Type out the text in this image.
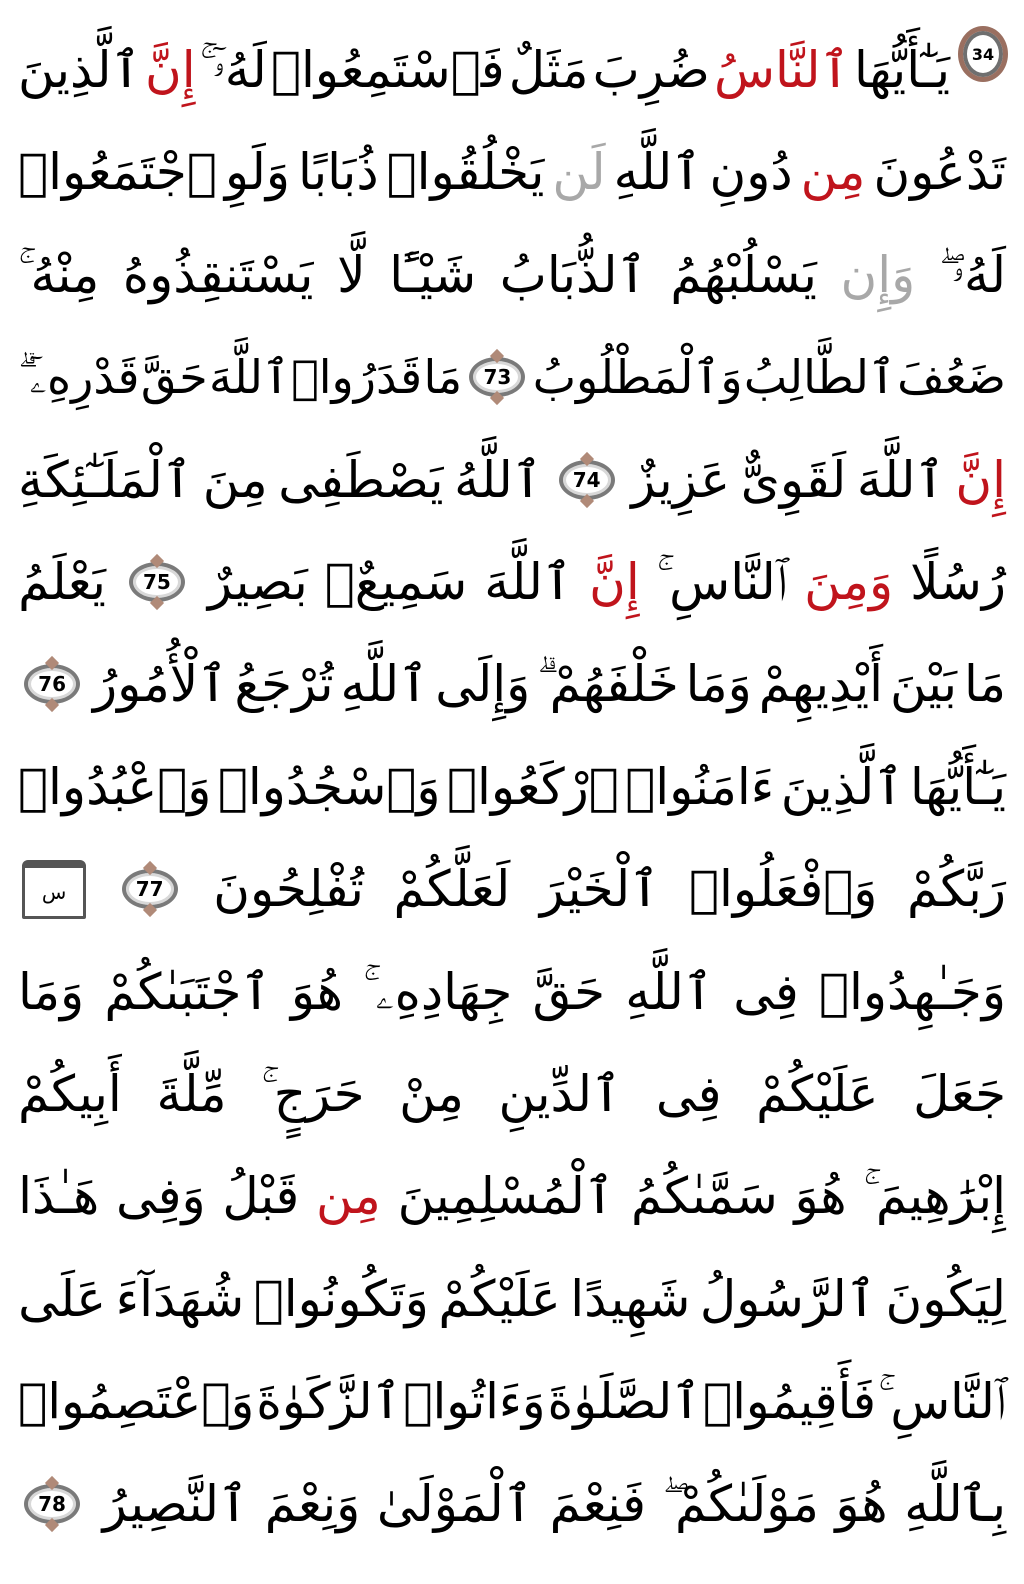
34
يَـٰٓأَيُّهَا
ٱلنَّاسُ
ضُرِبَ
مَثَلٌ
فَٱسْتَمِعُوا۟
لَهُۥٓ ۚ
إِنَّ
ٱلَّذِينَ
تَدْعُونَ
مِن
دُونِ
ٱللَّهِ
لَن
يَخْلُقُوا۟
ذُبَابًا
وَلَوِ
ٱجْتَمَعُوا۟
لَهُۥ ۖ
وَإِن
يَسْلُبْهُمُ
ٱلذُّبَابُ
شَيْـًٔا
لَّا
يَسْتَنقِذُوهُ
مِنْهُ ۚ
ضَعُفَ
ٱلطَّالِبُ
وَٱلْمَطْلُوبُ
73
مَا
قَدَرُوا۟
ٱللَّهَ
حَقَّ
قَدْرِهِۦٓ ۗ
إِنَّ
ٱللَّهَ
لَقَوِىٌّ
عَزِيزٌ
74
ٱللَّهُ
يَصْطَفِى
مِنَ
ٱلْمَلَـٰٓئِكَةِ
رُسُلًا
وَمِنَ
ٱلنَّاسِ ۚ
إِنَّ
ٱللَّهَ
سَمِيعٌۢ
بَصِيرٌ
75
يَعْلَمُ
مَا
بَيْنَ
أَيْدِيهِمْ
وَمَا
خَلْفَهُمْ ۗ
وَإِلَى
ٱللَّهِ
تُرْجَعُ
ٱلْأُمُورُ
76
يَـٰٓأَيُّهَا
ٱلَّذِينَ
ءَامَنُوا۟
ٱرْكَعُوا۟
وَٱسْجُدُوا۟
وَٱعْبُدُوا۟
رَبَّكُمْ
وَٱفْعَلُوا۟
ٱلْخَيْرَ
لَعَلَّكُمْ
تُفْلِحُونَ
77
س
وَجَـٰهِدُوا۟
فِى
ٱللَّهِ
حَقَّ
جِهَادِهِۦ ۚ
هُوَ
ٱجْتَبَىٰكُمْ
وَمَا
جَعَلَ
عَلَيْكُمْ
فِى
ٱلدِّينِ
مِنْ
حَرَجٍ ۚ
مِّلَّةَ
أَبِيكُمْ
إِبْرَٰهِيمَ ۚ
هُوَ
سَمَّىٰكُمُ
ٱلْمُسْلِمِينَ
مِن
قَبْلُ
وَفِى
هَـٰذَا
لِيَكُونَ
ٱلرَّسُولُ
شَهِيدًا
عَلَيْكُمْ
وَتَكُونُوا۟
شُهَدَآءَ
عَلَى
ٱلنَّاسِ ۚ
فَأَقِيمُوا۟
ٱلصَّلَوٰةَ
وَءَاتُوا۟
ٱلزَّكَوٰةَ
وَٱعْتَصِمُوا۟
بِٱللَّهِ
هُوَ
مَوْلَىٰكُمْ ۖ
فَنِعْمَ
ٱلْمَوْلَىٰ
وَنِعْمَ
ٱلنَّصِيرُ
78
